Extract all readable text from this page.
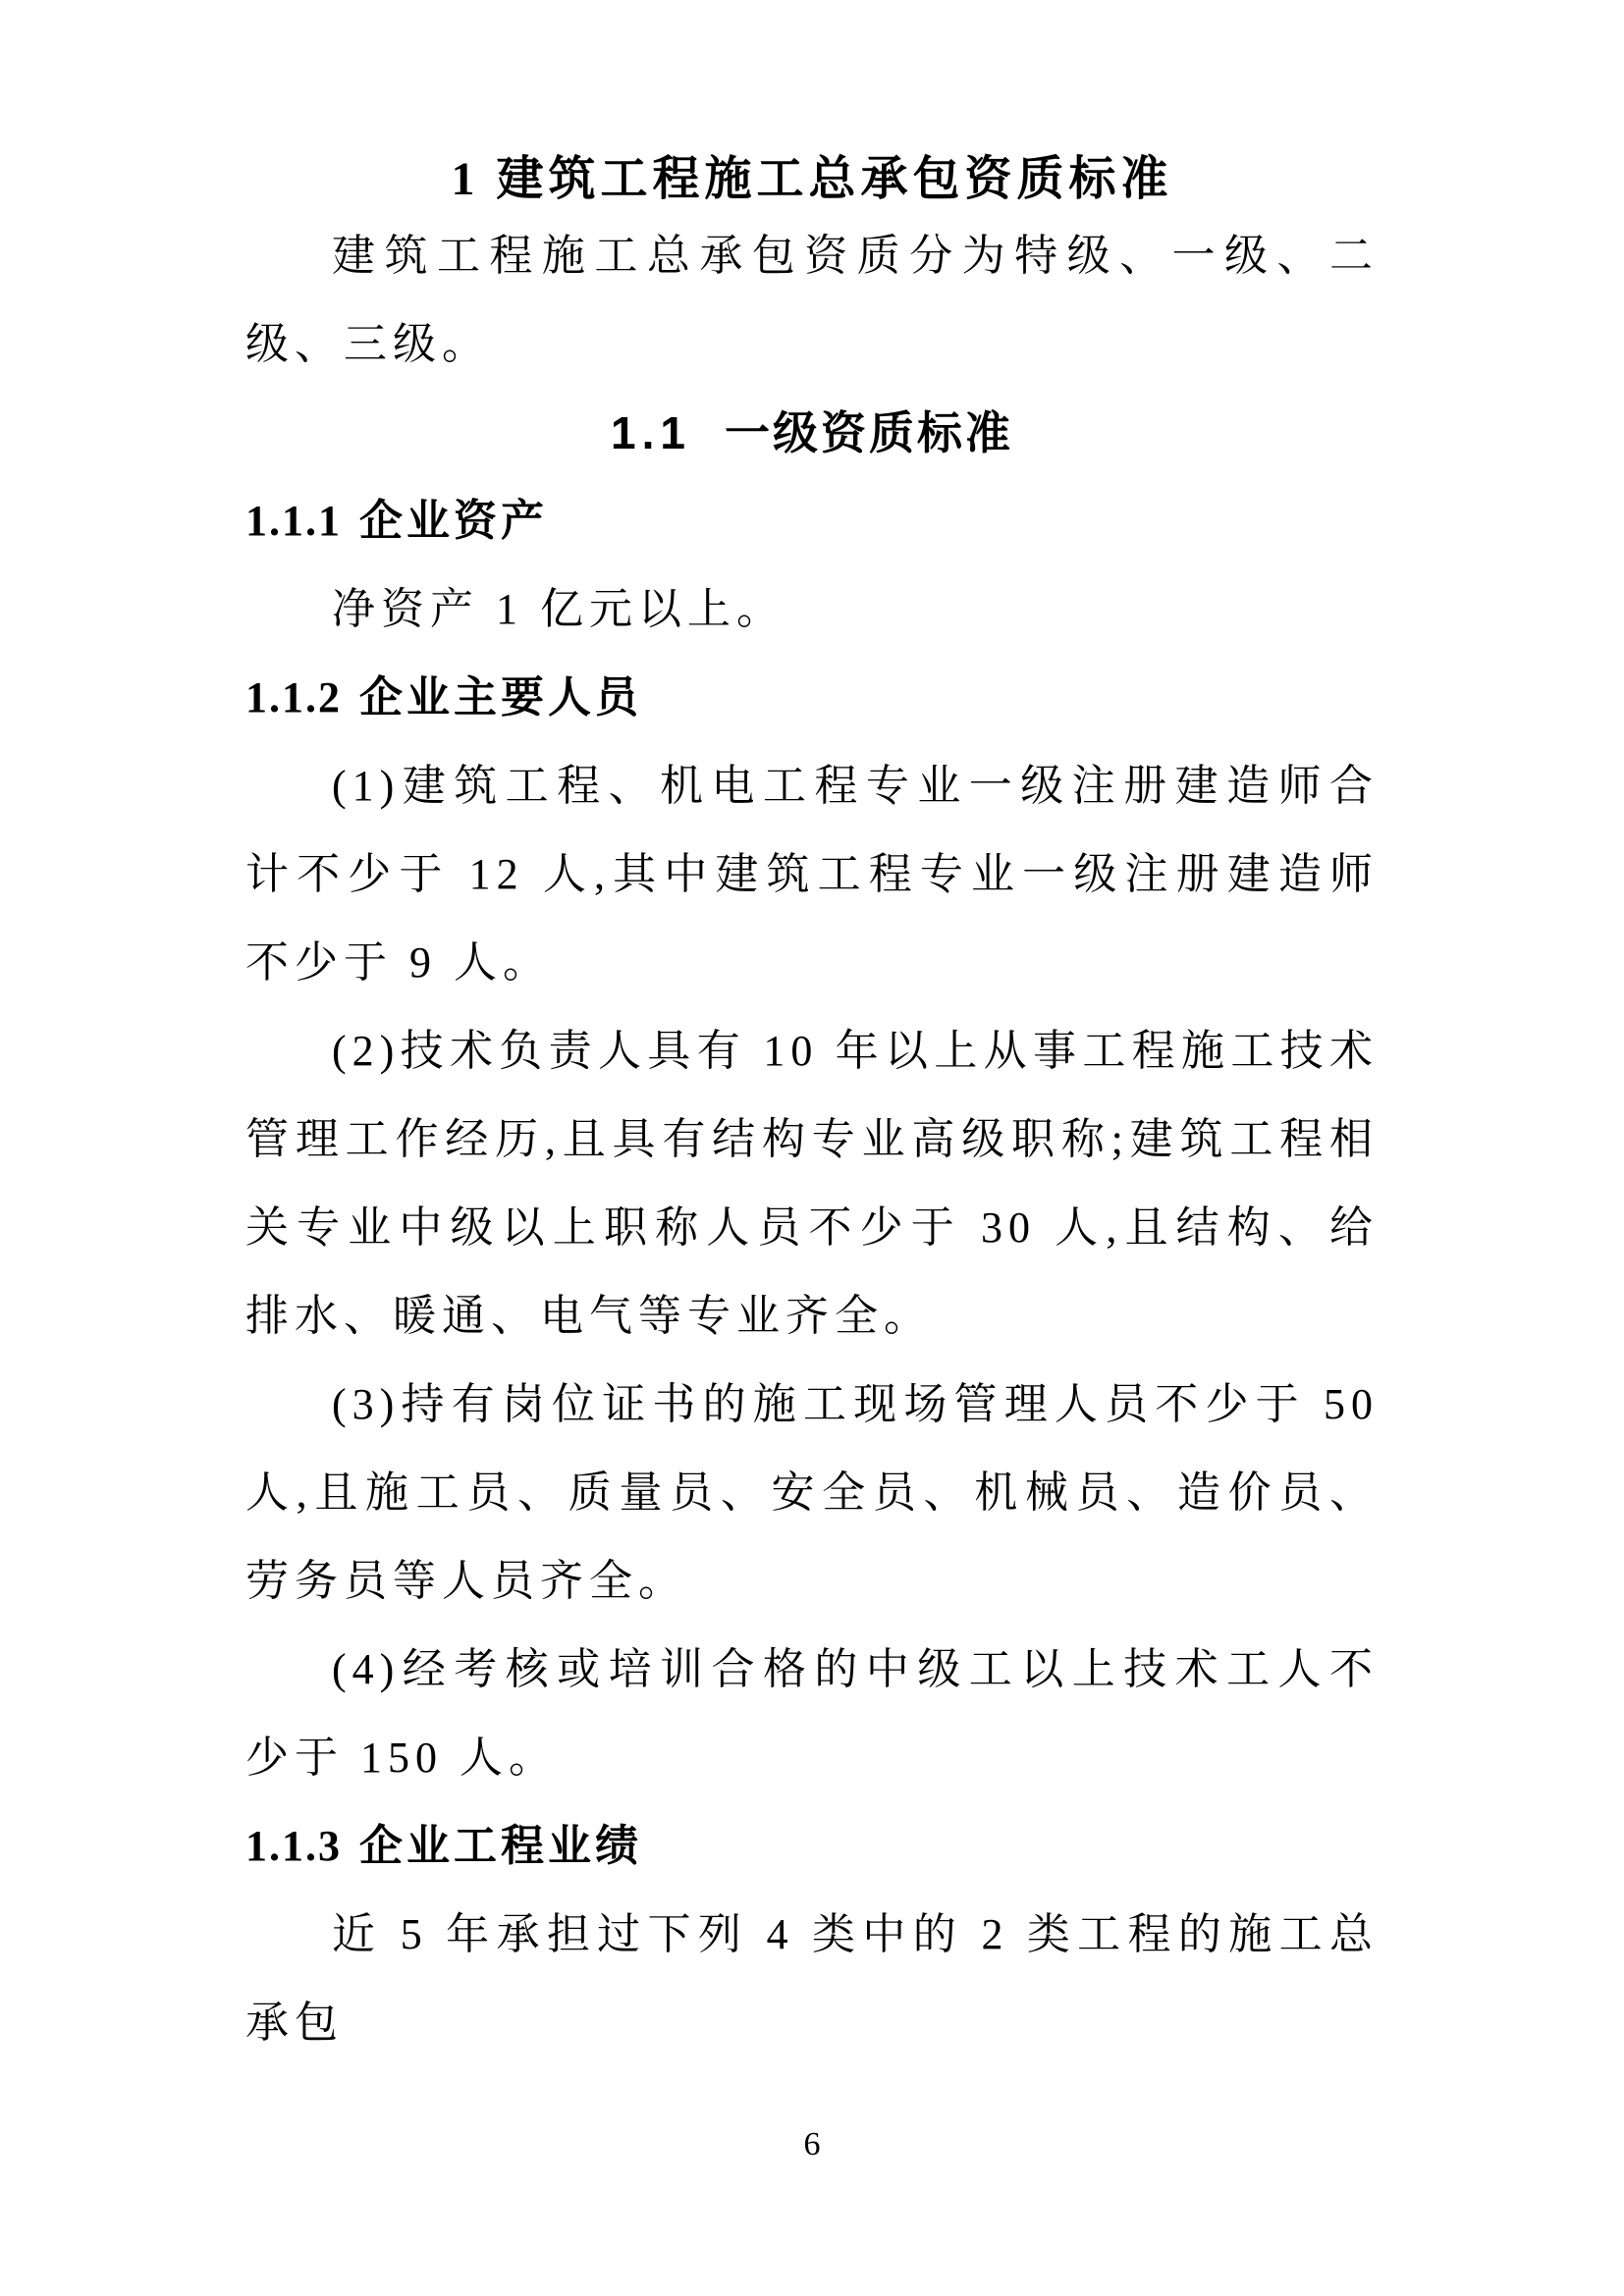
1 建筑工程施工总承包资质标准

建筑工程施工总承包资质分为特级、一级、二级、三级。

1.1 一级资质标准
1.1.1 企业资产

净资产 1 亿元以上。

1.1.2 企业主要人员

(1)建筑工程、机电工程专业一级注册建造师合计不少于 12 人,其中建筑工程专业一级注册建造师不少于 9 人。

(2)技术负责人具有 10 年以上从事工程施工技术管理工作经历,且具有结构专业高级职称;建筑工程相关专业中级以上职称人员不少于 30 人,且结构、给排水、暖通、电气等专业齐全。

(3)持有岗位证书的施工现场管理人员不少于 50 人,且施工员、质量员、安全员、机械员、造价员、劳务员等人员齐全。

(4)经考核或培训合格的中级工以上技术工人不少于 150 人。

1.1.3 企业工程业绩

近 5 年承担过下列 4 类中的 2 类工程的施工总承包

6
